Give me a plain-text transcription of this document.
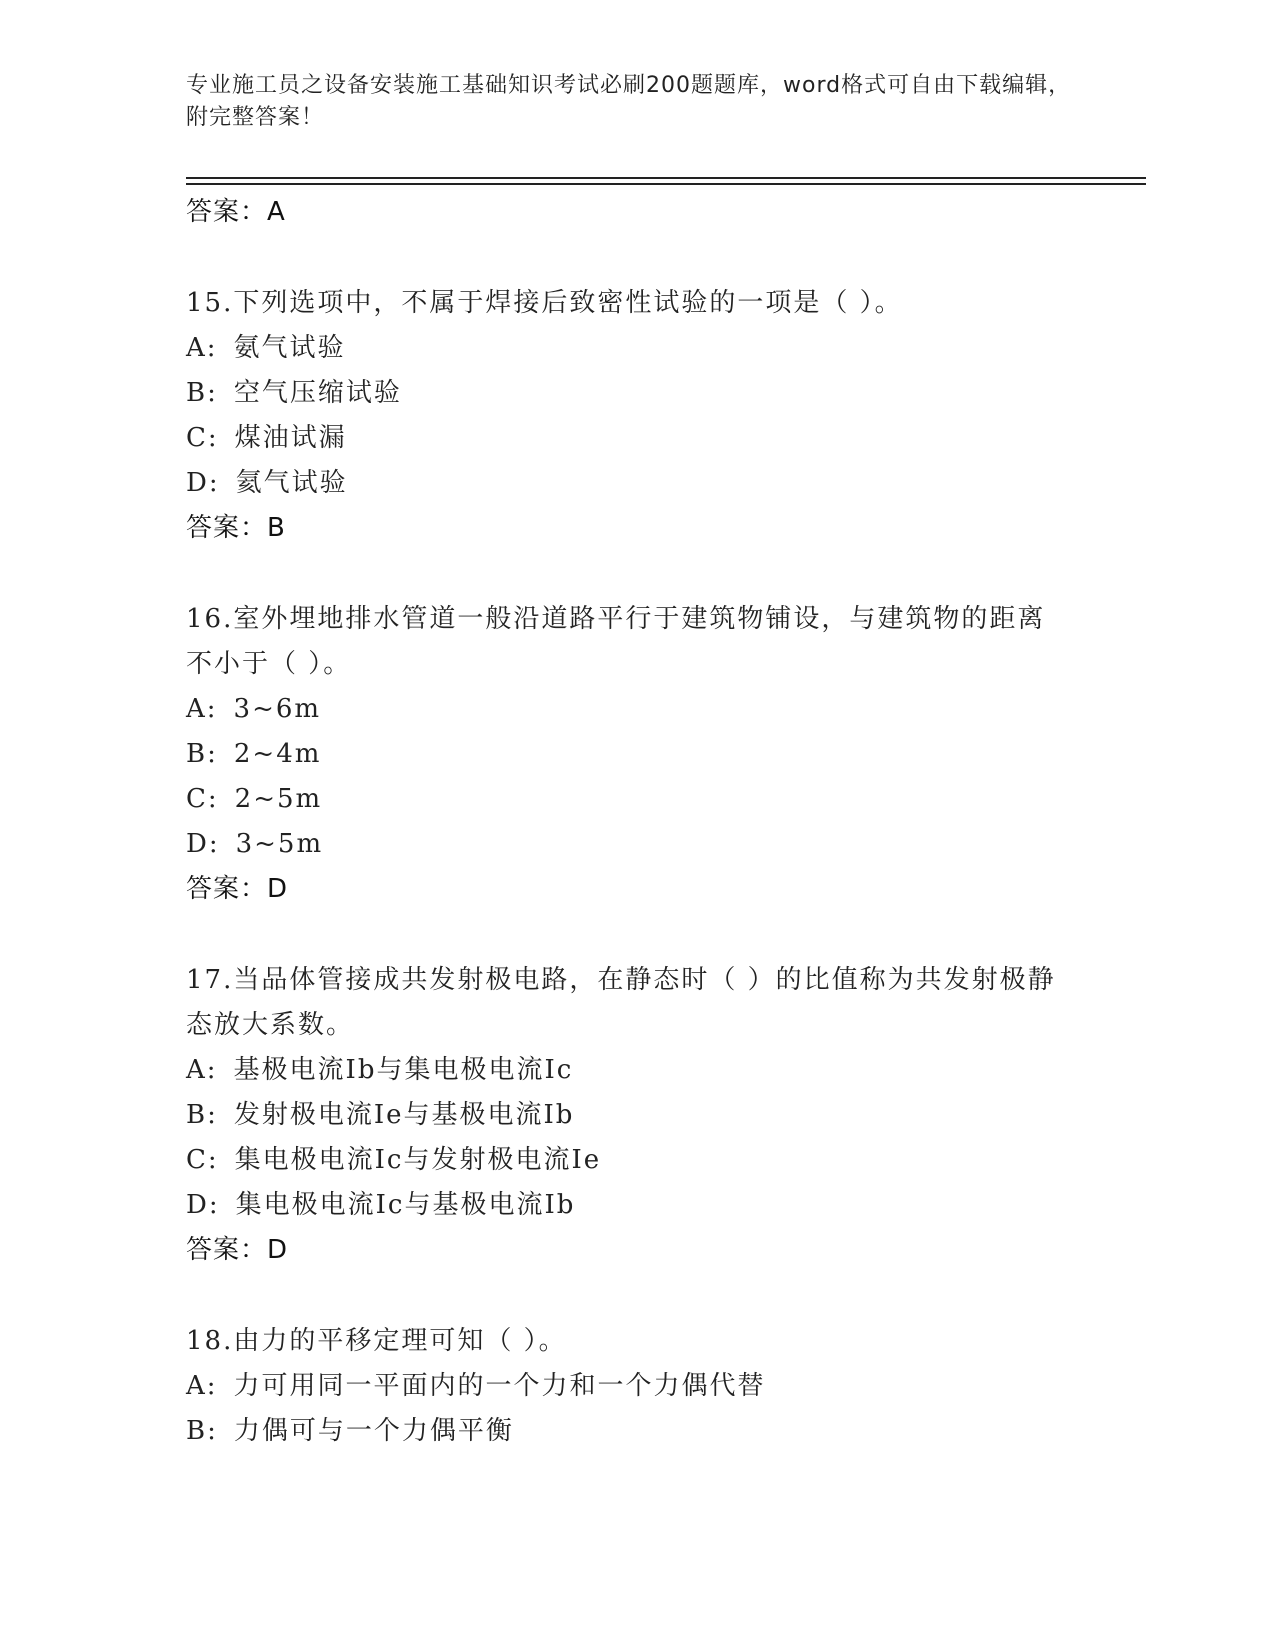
专业施工员之设备安装施工基础知识考试必刷200题题库，word格式可自由下载编辑，附完整答案！
答案：A
15.下列选项中，不属于焊接后致密性试验的一项是（ ）。
A: 氨气试验
B: 空气压缩试验
C: 煤油试漏
D: 氦气试验
答案：B
16.室外埋地排水管道一般沿道路平行于建筑物铺设，与建筑物的距离不小于（ ）。
A: 3~6m
B: 2~4m
C: 2~5m
D: 3~5m
答案：D
17.当品体管接成共发射极电路，在静态时（ ）的比值称为共发射极静态放大系数。
A: 基极电流Ib与集电极电流Ic
B: 发射极电流Ie与基极电流Ib
C: 集电极电流Ic与发射极电流Ie
D: 集电极电流Ic与基极电流Ib
答案：D
18.由力的平移定理可知（ ）。
A: 力可用同一平面内的一个力和一个力偶代替
B: 力偶可与一个力偶平衡
